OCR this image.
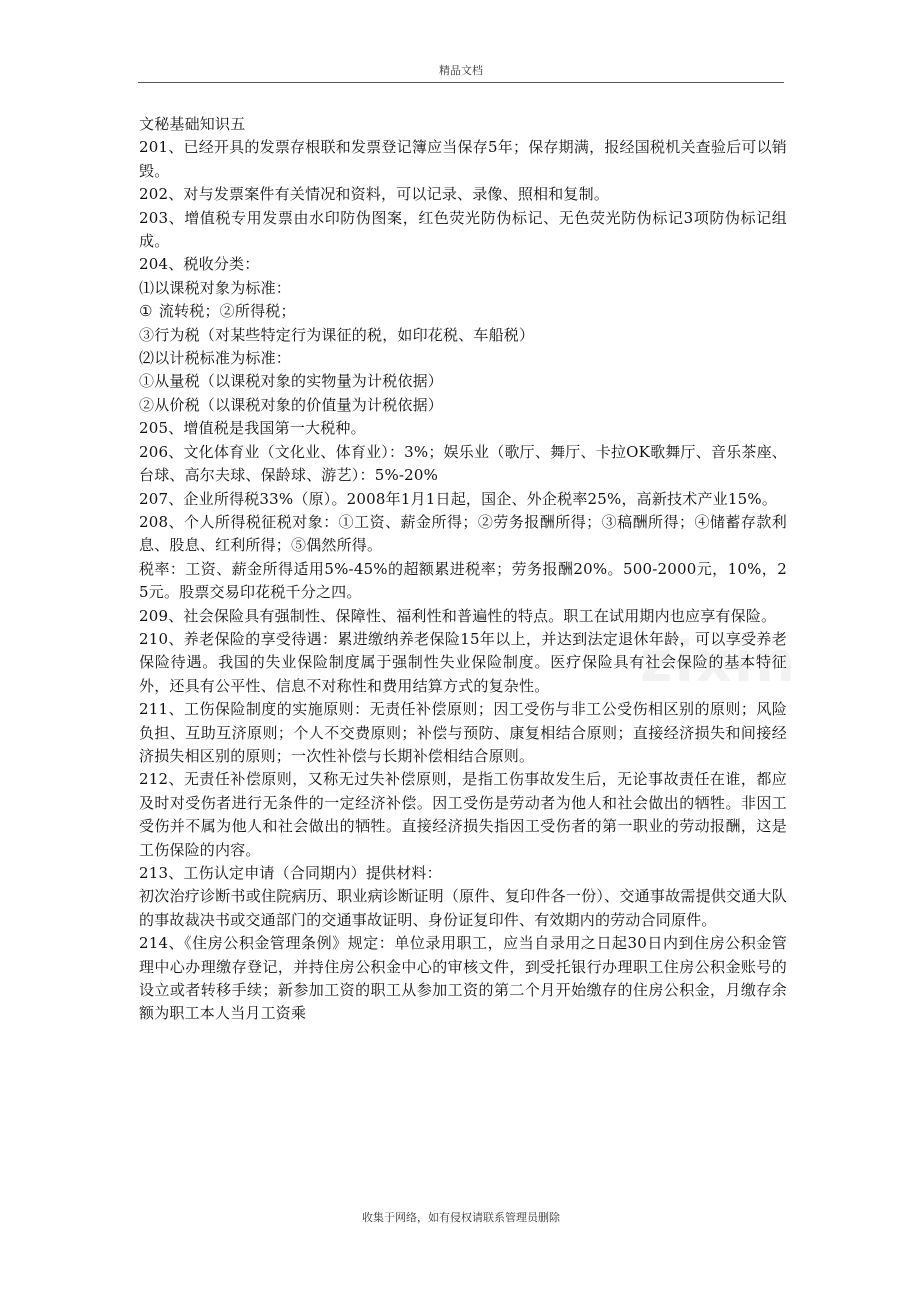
精品文档
zixin

文秘基础知识五

201、已经开具的发票存根联和发票登记簿应当保存5年；保存期满，报经国税机关查验后可以销毁。

202、对与发票案件有关情况和资料，可以记录、录像、照相和复制。

203、增值税专用发票由水印防伪图案，红色荧光防伪标记、无色荧光防伪标记3项防伪标记组成。

204、税收分类：

⑴以课税对象为标准：

①	流转税；②所得税；

③行为税（对某些特定行为课征的税，如印花税、车船税）

⑵以计税标准为标准：

①从量税（以课税对象的实物量为计税依据）

②从价税（以课税对象的价值量为计税依据）

205、增值税是我国第一大税种。

206、文化体育业（文化业、体育业）：3%；娱乐业（歌厅、舞厅、卡拉OK歌舞厅、音乐茶座、台球、高尔夫球、保龄球、游艺）：5%-20%

207、企业所得税33%（原）。2008年1月1日起，国企、外企税率25%，高新技术产业15%。

208、个人所得税征税对象：①工资、薪金所得；②劳务报酬所得；③稿酬所得；④储蓄存款利息、股息、红利所得；⑤偶然所得。

税率：工资、薪金所得适用5%-45%的超额累进税率；劳务报酬20%。500-2000元，10%，25元。股票交易印花税千分之四。

209、社会保险具有强制性、保障性、福利性和普遍性的特点。职工在试用期内也应享有保险。

210、养老保险的享受待遇：累进缴纳养老保险15年以上，并达到法定退休年龄，可以享受养老保险待遇。我国的失业保险制度属于强制性失业保险制度。医疗保险具有社会保险的基本特征外，还具有公平性、信息不对称性和费用结算方式的复杂性。

211、工伤保险制度的实施原则：无责任补偿原则；因工受伤与非工公受伤相区别的原则；风险负担、互助互济原则；个人不交费原则；补偿与预防、康复相结合原则；直接经济损失和间接经济损失相区别的原则；一次性补偿与长期补偿相结合原则。

212、无责任补偿原则，又称无过失补偿原则，是指工伤事故发生后，无论事故责任在谁，都应及时对受伤者进行无条件的一定经济补偿。因工受伤是劳动者为他人和社会做出的牺牲。非因工受伤并不属为他人和社会做出的牺牲。直接经济损失指因工受伤者的第一职业的劳动报酬，这是工伤保险的内容。

213、工伤认定申请（合同期内）提供材料：

初次治疗诊断书或住院病历、职业病诊断证明（原件、复印件各一份）、交通事故需提供交通大队的事故裁决书或交通部门的交通事故证明、身份证复印件、有效期内的劳动合同原件。

214、《住房公积金管理条例》规定：单位录用职工，应当自录用之日起30日内到住房公积金管理中心办理缴存登记，并持住房公积金中心的审核文件，到受托银行办理职工住房公积金账号的设立或者转移手续；新参加工资的职工从参加工资的第二个月开始缴存的住房公积金，月缴存余额为职工本人当月工资乘

收集于网络，如有侵权请联系管理员删除
